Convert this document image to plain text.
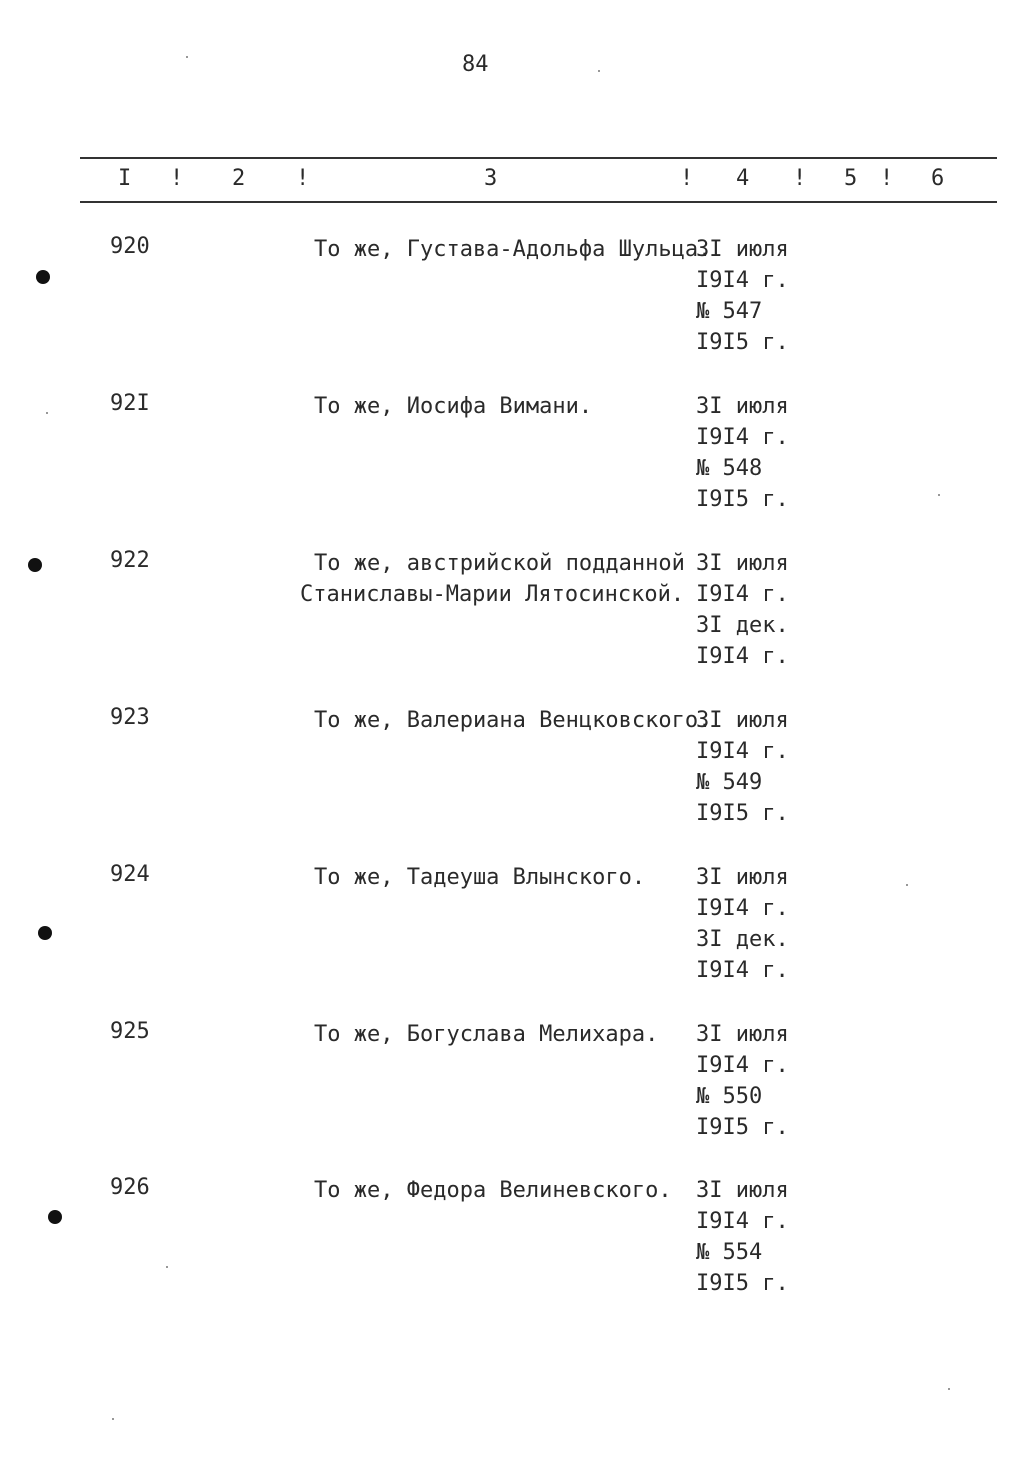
84
I ! 2 !	3	! 4 ! 5 ! 6
920	То же, Густава-Адольфа Шульца.
3I июля
I9I4 г.
№ 547
I9I5 г.
92I	То же, Иосифа Вимани.	3I июля
I9I4 г.
№ 548
I9I5 г.
922	То же, австрийской подданной
Станиславы-Марии Лятосинской.
3I июля
I9I4 г.
3I дек.
I9I4 г.
923	То же, Валериана Венцковского.
3I июля
I9I4 г.
№ 549
I9I5 г.
924	То же, Тадеуша Влынского.	3I июля
I9I4 г.
3I дек.
I9I4 г.
925	То же, Богуслава Мелихара.	3I июля
I9I4 г.
№ 550
I9I5 г.
926	То же, Федора Велиневского.	3I июля
I9I4 г.
№ 554
I9I5 г.
